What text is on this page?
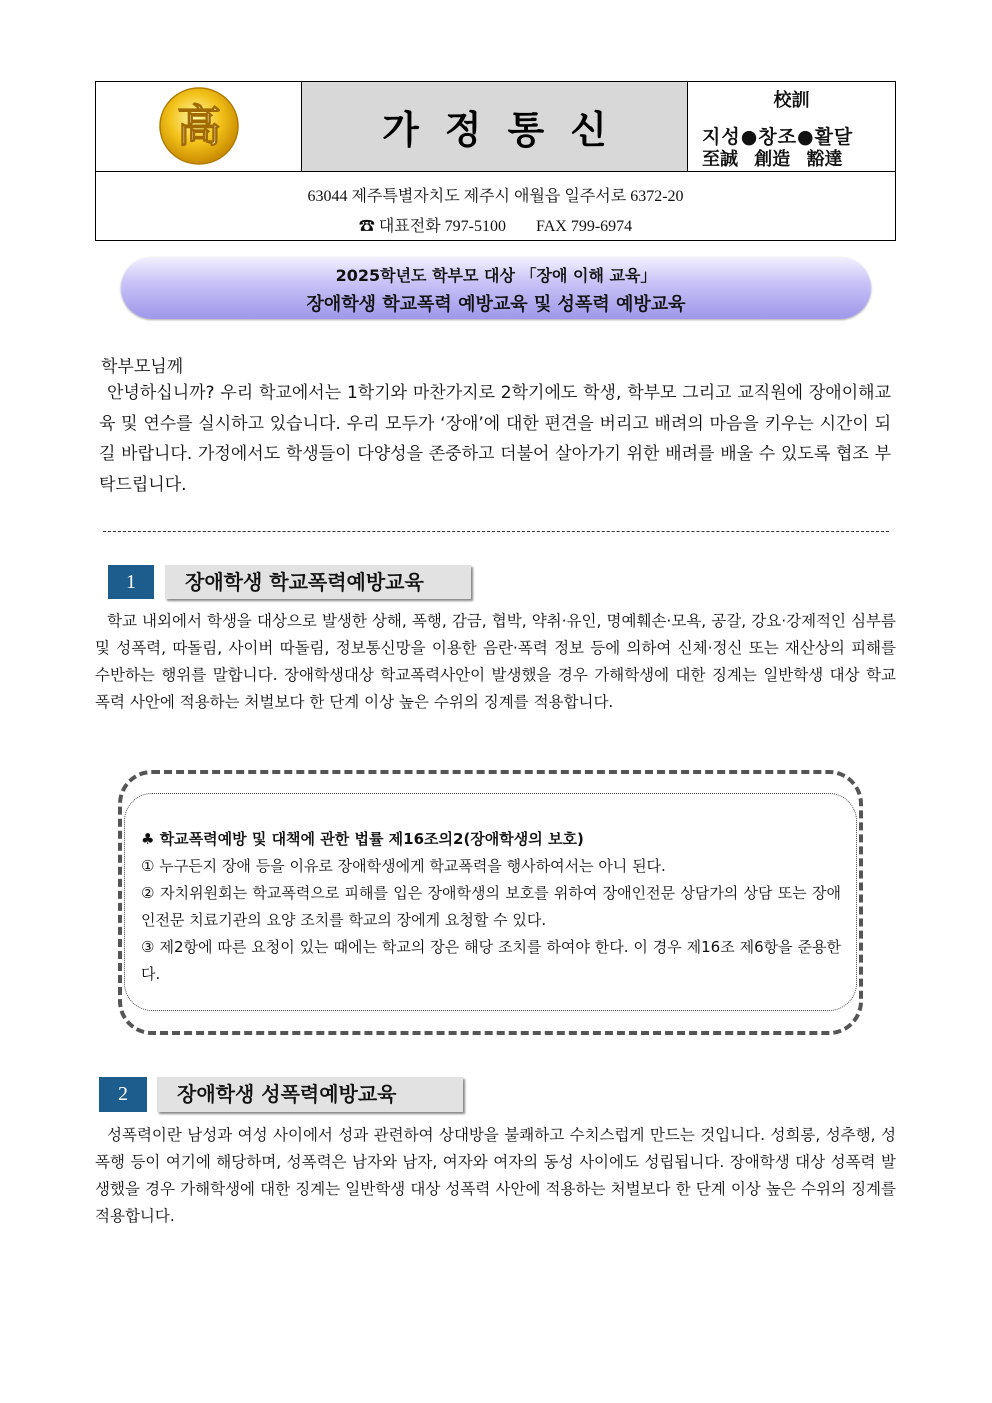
高	가정통신
校訓
지성●창조●활달
至誠 創造 豁達
63044 제주특별자치도 제주시 애월읍 일주서로 6372-20
☎ 대표전화 797-5100 FAX 799-6974
2025학년도 학부모 대상 「장애 이해 교육」
장애학생 학교폭력 예방교육 및 성폭력 예방교육
학부모님께

안녕하십니까? 우리 학교에서는 1학기와 마찬가지로 2학기에도 학생, 학부모 그리고 교직원에 장애이해교육 및 연수를 실시하고 있습니다. 우리 모두가 ‘장애’에 대한 편견을 버리고 배려의 마음을 키우는 시간이 되길 바랍니다. 가정에서도 학생들이 다양성을 존중하고 더불어 살아가기 위한 배려를 배울 수 있도록 협조 부탁드립니다.

1	장애학생 학교폭력예방교육

학교 내외에서 학생을 대상으로 발생한 상해, 폭행, 감금, 협박, 약취·유인, 명예훼손·모욕, 공갈, 강요·강제적인 심부름 및 성폭력, 따돌림, 사이버 따돌림, 정보통신망을 이용한 음란·폭력 정보 등에 의하여 신체·정신 또는 재산상의 피해를 수반하는 행위를 말합니다. 장애학생대상 학교폭력사안이 발생했을 경우 가해학생에 대한 징계는 일반학생 대상 학교 폭력 사안에 적용하는 처벌보다 한 단계 이상 높은 수위의 징계를 적용합니다.

♣ 학교폭력예방 및 대책에 관한 법률 제16조의2(장애학생의 보호)
① 누구든지 장애 등을 이유로 장애학생에게 학교폭력을 행사하여서는 아니 된다.
② 자치위원회는 학교폭력으로 피해를 입은 장애학생의 보호를 위하여 장애인전문 상담가의 상담 또는 장애인전문 치료기관의 요양 조치를 학교의 장에게 요청할 수 있다.
③ 제2항에 따른 요청이 있는 때에는 학교의 장은 해당 조치를 하여야 한다. 이 경우 제16조 제6항을 준용한다.
2	장애학생 성폭력예방교육

성폭력이란 남성과 여성 사이에서 성과 관련하여 상대방을 불쾌하고 수치스럽게 만드는 것입니다. 성희롱, 성추행, 성폭행 등이 여기에 해당하며, 성폭력은 남자와 남자, 여자와 여자의 동성 사이에도 성립됩니다. 장애학생 대상 성폭력 발생했을 경우 가해학생에 대한 징계는 일반학생 대상 성폭력 사안에 적용하는 처벌보다 한 단계 이상 높은 수위의 징계를 적용합니다.
